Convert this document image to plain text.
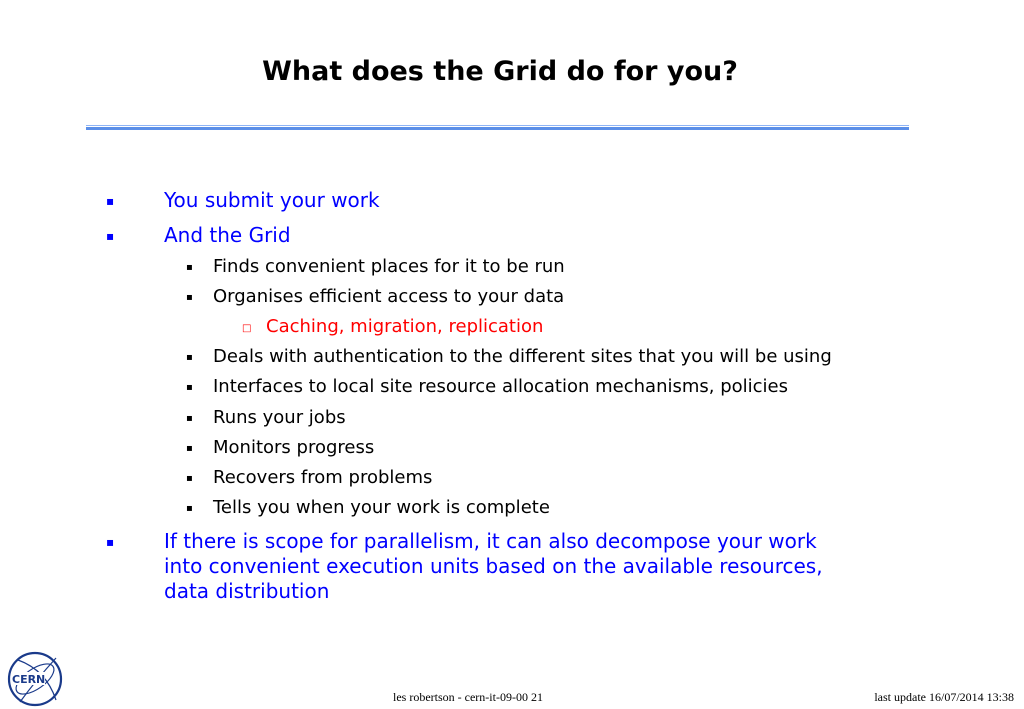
What does the Grid do for you?
▪ You submit your work
▪ And the Grid
▪ Finds convenient places for it to be run
▪ Organises efficient access to your data
□ Caching, migration, replication
▪ Deals with authentication to the different sites that you will be using
▪ Interfaces to local site resource allocation mechanisms, policies
▪ Runs your jobs
▪ Monitors progress
▪ Recovers from problems
▪ Tells you when your work is complete
▪ If there is scope for parallelism, it can also decompose your work
into convenient execution units based on the available resources,
data distribution
CERN
les robertson - cern-it-09-00 21	last update 16/07/2014 13:38
